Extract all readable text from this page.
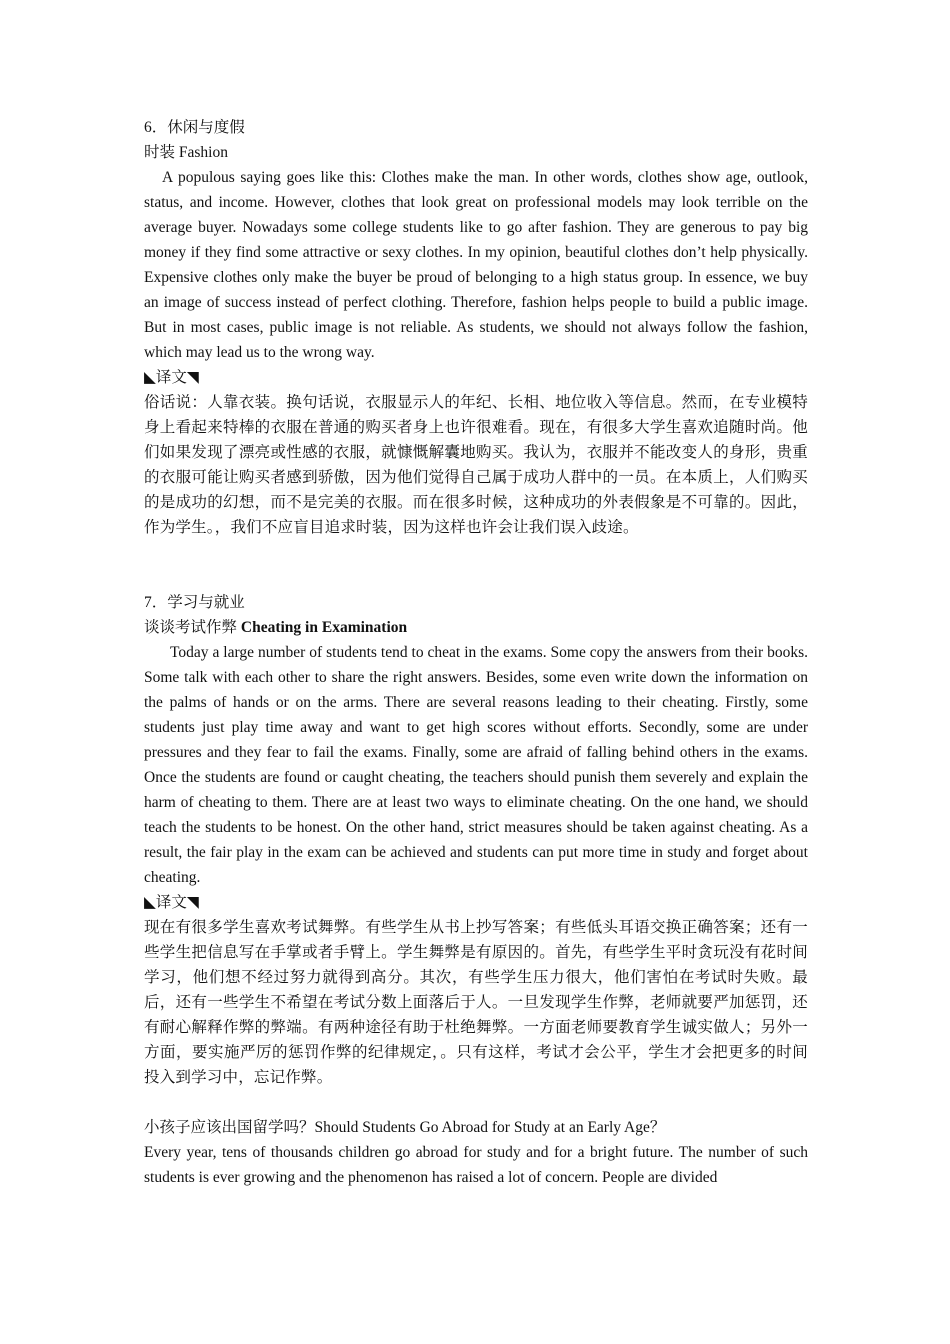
6．休闲与度假
时装 Fashion

A populous saying goes like this: Clothes make the man. In other words, clothes show age, outlook, status, and income. However, clothes that look great on professional models may look terrible on the average buyer. Nowadays some college students like to go after fashion. They are generous to pay big money if they find some attractive or sexy clothes. In my opinion, beautiful clothes don’t help physically. Expensive clothes only make the buyer be proud of belonging to a high status group. In essence, we buy an image of success instead of perfect clothing. Therefore, fashion helps people to build a public image. But in most cases, public image is not reliable. As students, we should not always follow the fashion, which may lead us to the wrong way.

◣译文◥

俗话说：人靠衣装。换句话说，衣服显示人的年纪、长相、地位收入等信息。然而，在专业模特身上看起来特棒的衣服在普通的购买者身上也许很难看。现在，有很多大学生喜欢追随时尚。他们如果发现了漂亮或性感的衣服，就慷慨解囊地购买。我认为，衣服并不能改变人的身形，贵重的衣服可能让购买者感到骄傲，因为他们觉得自己属于成功人群中的一员。在本质上，人们购买的是成功的幻想，而不是完美的衣服。而在很多时候，这种成功的外表假象是不可靠的。因此，作为学生。，我们不应盲目追求时装，因为这样也许会让我们误入歧途。

7．学习与就业
谈谈考试作弊 Cheating in Examination

Today a large number of students tend to cheat in the exams. Some copy the answers from their books. Some talk with each other to share the right answers. Besides, some even write down the information on the palms of hands or on the arms. There are several reasons leading to their cheating. Firstly, some students just play time away and want to get high scores without efforts. Secondly, some are under pressures and they fear to fail the exams. Finally, some are afraid of falling behind others in the exams. Once the students are found or caught cheating, the teachers should punish them severely and explain the harm of cheating to them. There are at least two ways to eliminate cheating. On the one hand, we should teach the students to be honest. On the other hand, strict measures should be taken against cheating. As a result, the fair play in the exam can be achieved and students can put more time in study and forget about cheating.

◣译文◥

现在有很多学生喜欢考试舞弊。有些学生从书上抄写答案；有些低头耳语交换正确答案；还有一些学生把信息写在手掌或者手臂上。学生舞弊是有原因的。首先，有些学生平时贪玩没有花时间学习，他们想不经过努力就得到高分。其次，有些学生压力很大，他们害怕在考试时失败。最后，还有一些学生不希望在考试分数上面落后于人。一旦发现学生作弊，老师就要严加惩罚，还有耐心解释作弊的弊端。有两种途径有助于杜绝舞弊。一方面老师要教育学生诚实做人；另外一方面，要实施严厉的惩罚作弊的纪律规定，。只有这样，考试才会公平，学生才会把更多的时间投入到学习中，忘记作弊。

小孩子应该出国留学吗？Should Students Go Abroad for Study at an Early Age？

Every year, tens of thousands children go abroad for study and for a bright future. The number of such students is ever growing and the phenomenon has raised a lot of concern. People are divided
